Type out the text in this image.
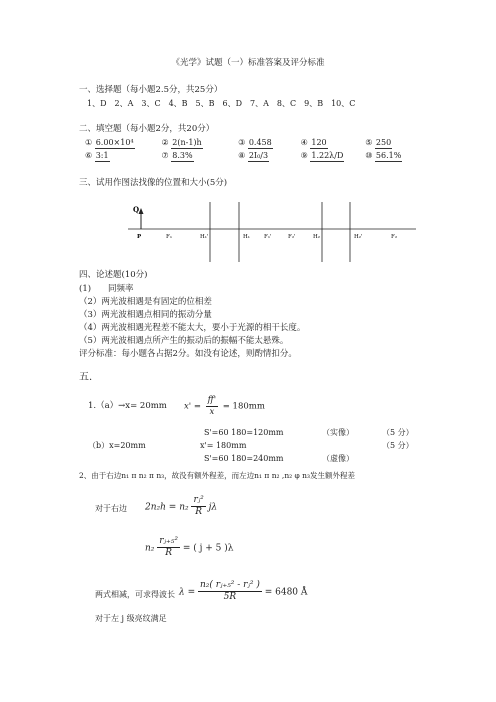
《光学》试题（一）标准答案及评分标准
一、选择题（每小题2.5分，共25分）
1、D　2、A　3、C　4、B　5、B　6、D　7、A　8、C　9、B　10、C
二、填空题（每小题2分，共20分）
① 6.00×10⁴	② 2(n-1)h	③ 0.458	④ 120	⑤ 250
⑥ 3:1	⑦ 8.3%	⑧ 2I₀/3	⑨ 1.22λ/D	⑩ 56.1%
三、试用作图法找像的位置和大小(5分)
Q
P	F₁	H₁'	H₁	F₁'	F₂'	H₂	H₂'	F₂
四、论述题(10分)
(1)　　同频率
（2）两光波相遇是有固定的位相差
（3）两光波相遇点相同的振动分量
（4）两光波相遇光程差不能太大，要小于光源的相干长度。
（5）两光波相遇点所产生的振动后的振幅不能太悬殊。
评分标准：每小题各占据2分。如没有论述，则酌情扣分。
五.
1.（a）→x= 20mm $x' = \frac{ff'}{x} = 180mm$
S'=60 180=120mm	（实像）	（5 分）
（b）x=20mm	x'= 180mm	（5 分）
S'=60 180=240mm	（虚像）
2、由于右边n₁ π n₂ π n₃，故没有额外程差，而左边n₁ π n₂ ,n₂ φ n₃发生额外程差
对于右边 $2n_2h = n_2 \frac{\text{rⱼ²}}{R}$ jλ
$n_2 \frac{\text{rⱼ₊₅²}}{R}$ = ( j + 5 )λ
两式相减，可求得波长 $\lambda = \frac{\text{n₂( rⱼ₊₅² - rⱼ² )}}{5R} = 6480$ Å
对于左 j 级亮纹满足
